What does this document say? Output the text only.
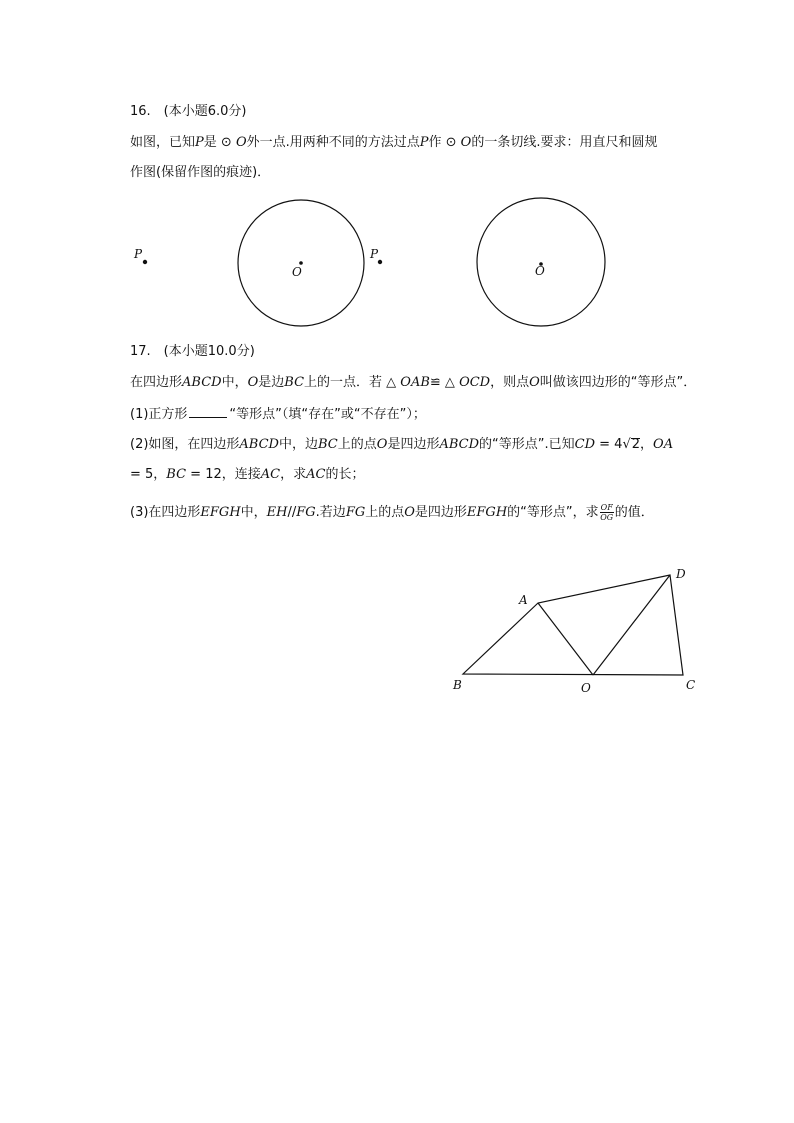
16.　(本小题6.0分)
如图，已知P是 ⊙ O外一点.用两种不同的方法过点P作 ⊙ O的一条切线.要求：用直尺和圆规
作图(保留作图的痕迹)．
P
O
P
O
A
B	C
D
O
17.　(本小题10.0分)
在四边形ABCD中，O是边BC上的一点．若 △ OAB≌ △ OCD，则点O叫做该四边形的“等形点”．
(1)正方形	“等形点”（填“存在”或“不存在”）；
(2)如图，在四边形ABCD中，边BC上的点O是四边形ABCD的“等形点”.已知CD = 4√2，OA
= 5，BC = 12，连接AC，求AC的长；
(3)在四边形EFGH中，EH//FG.若边FG上的点O是四边形EFGH的“等形点”，求 $\frac{OF}{OG}$ 的值．
